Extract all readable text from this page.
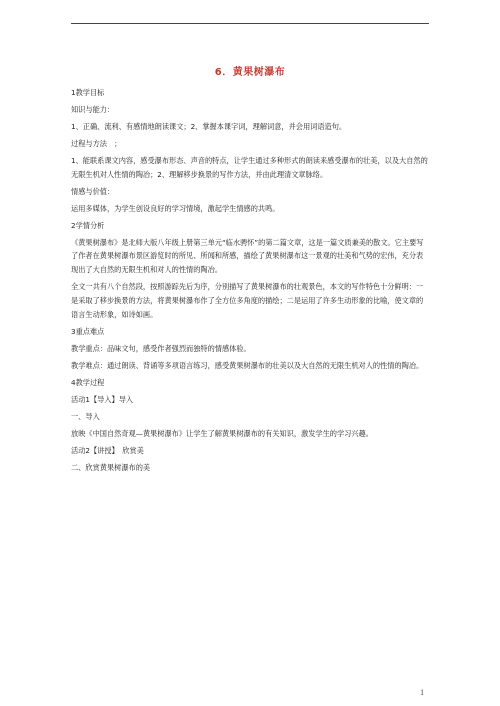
6．黄果树瀑布
1教学目标
知识与能力：
1、正确、流利、有感情地朗读课文；2、掌握本课字词，理解词意，并会用词语造句。
过程与方法　；
1、能联系课文内容，感受瀑布形态、声音的特点，让学生通过多种形式的朗读来感受瀑布的壮美，以及大自然的无限生机对人性情的陶冶；2、理解移步换景的写作方法，并由此理清文章脉络。
情感与价值：
运用多媒体，为学生创设良好的学习情境，激起学生情感的共鸣。
2学情分析
《黄果树瀑布》是北师大版八年级上册第三单元“临水骋怀”的第二篇文章，这是一篇文质兼美的散文。它主要写了作者在黄果树瀑布景区游览时的所见、所闻和所感，描绘了黄果树瀑布这一景观的壮美和气势的宏伟，充分表现出了大自然的无限生机和对人的性情的陶冶。
全文一共有八个自然段，按照游踪先后为序，分别描写了黄果树瀑布的壮观景色，本文的写作特色十分鲜明：一是采取了移步换景的方法，将黄果树瀑布作了全方位多角度的描绘；二是运用了许多生动形象的比喻，使文章的语言生动形象，如诗如画。
3重点难点
教学重点：品味文句，感受作者强烈而独特的情感体验。
教学难点：通过朗读、背诵等多项语言练习，感受黄果树瀑布的壮美以及大自然的无限生机对人的性情的陶冶。
4教学过程
活动1【导入】导入
一、导入
放映《中国自然奇观—黄果树瀑布》让学生了解黄果树瀑布的有关知识，激发学生的学习兴趣。
活动2【讲授】　欣赏美
二、欣赏黄果树瀑布的美
1
